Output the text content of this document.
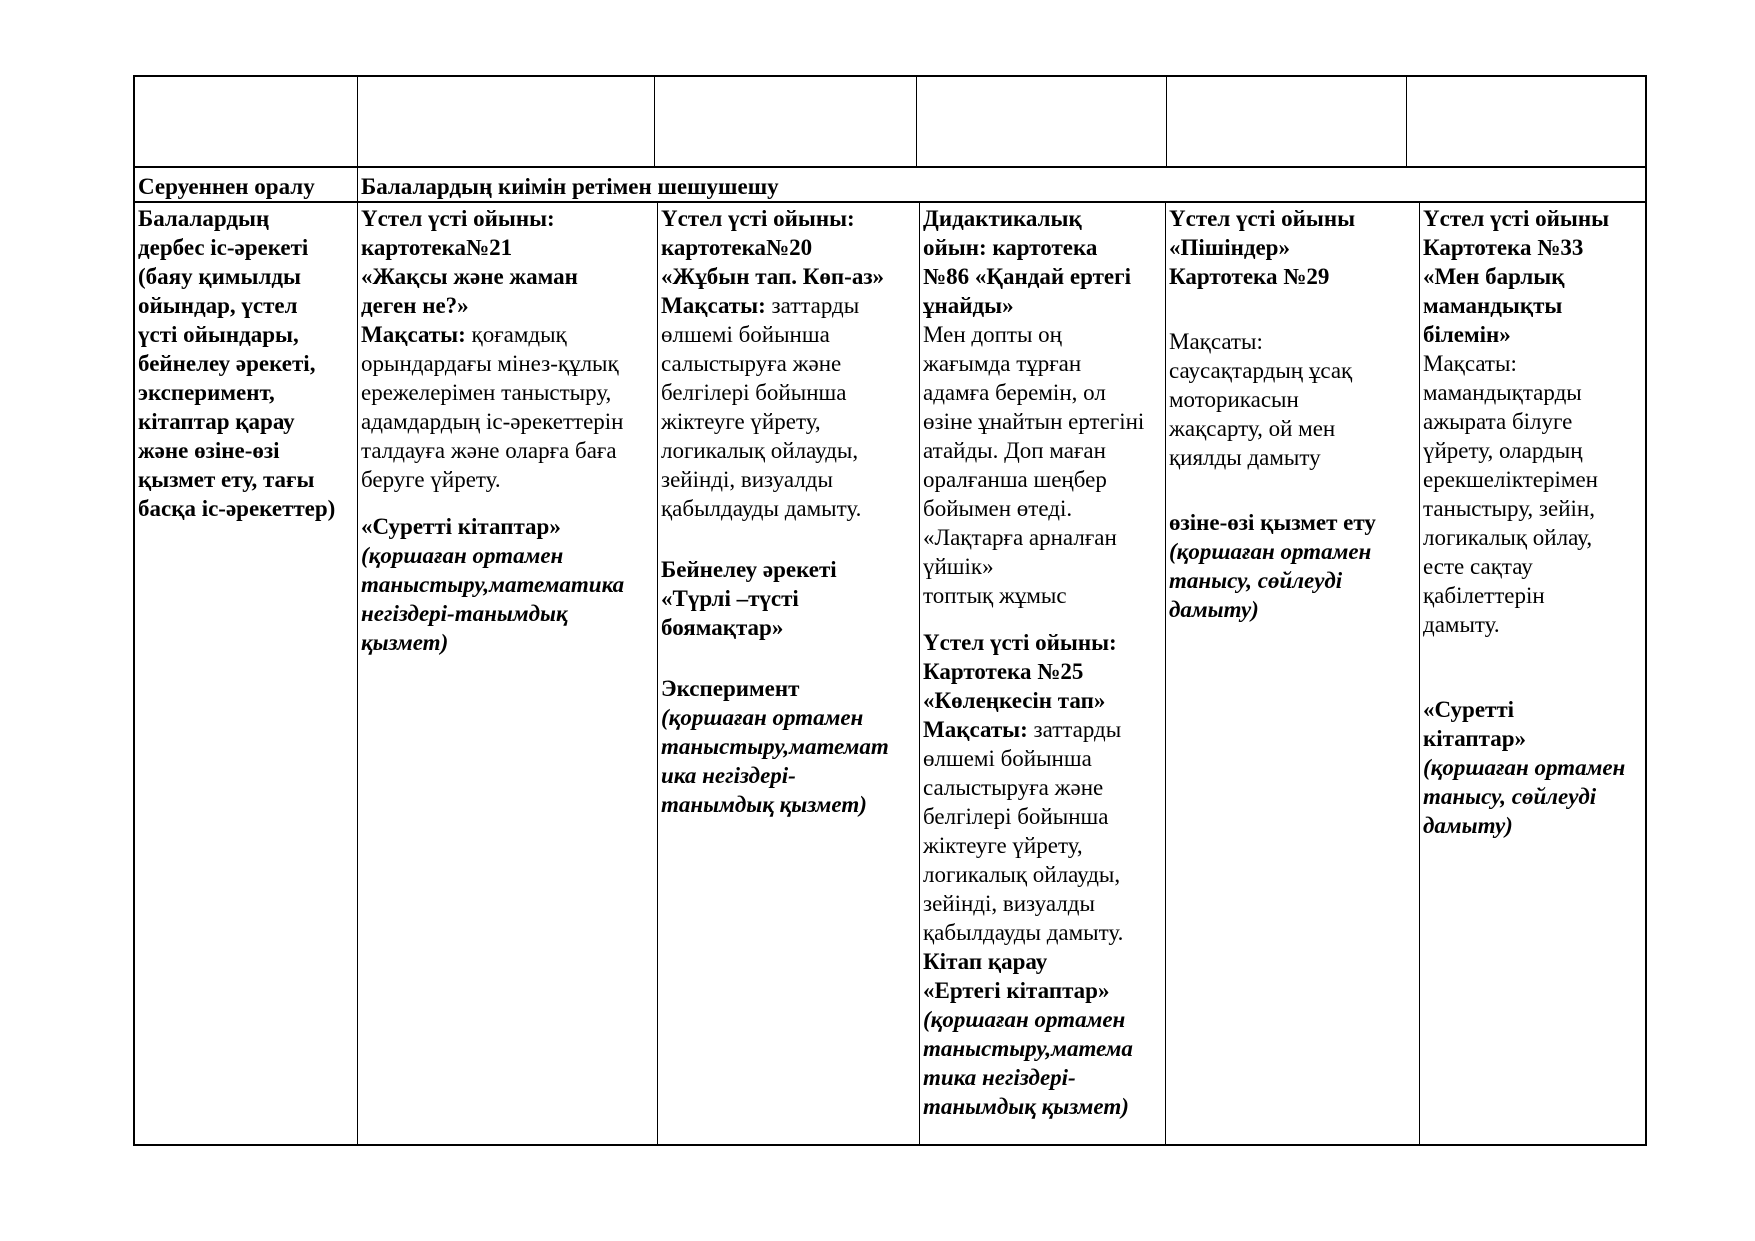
Серуеннен оралу Балалардың киімін ретімен шешушешу

Балалардың

дербес іс-әрекеті

(баяу қимылды

ойындар, үстел

үсті ойындары,

бейнелеу әрекеті,

эксперимент,

кітаптар қарау

және өзіне-өзі

қызмет ету, тағы

басқа іс-әрекеттер)

Үстел үсті ойыны:

картотека№21

«Жақсы және жаман

деген не?»

Мақсаты: қоғамдық

орындардағы мінез-құлық

ережелерімен таныстыру,

адамдардың іс-әрекеттерін

талдауға және оларға баға

беруге үйрету.

«Суретті кітаптар»

(қоршаған ортамен

таныстыру,математика

негіздері-танымдық

қызмет)

Үстел үсті ойыны:

картотека№20

«Жұбын тап. Көп-аз»

Мақсаты: заттарды

өлшемі бойынша

салыстыруға және

белгілері бойынша

жіктеуге үйрету,

логикалық ойлауды,

зейінді, визуалды

қабылдауды дамыту.

Бейнелеу әрекеті

«Түрлі –түсті

боямақтар»

Эксперимент

(қоршаған ортамен

таныстыру,математ

ика негіздері-

танымдық қызмет)

Дидактикалық

ойын: картотека

№86 «Қандай ертегі

ұнайды»

Мен допты оң

жағымда тұрған

адамға беремін, ол

өзіне ұнайтын ертегіні

атайды. Доп маған

оралғанша шеңбер

бойымен өтеді.

«Лақтарға арналған

үйшік»

топтық жұмыс

Үстел үсті ойыны:

Картотека №25

«Көлеңкесін тап»

Мақсаты: заттарды

өлшемі бойынша

салыстыруға және

белгілері бойынша

жіктеуге үйрету,

логикалық ойлауды,

зейінді, визуалды

қабылдауды дамыту.

Кітап қарау

«Ертегі кітаптар»

(қоршаған ортамен

таныстыру,матема

тика негіздері-

танымдық қызмет)

Үстел үсті ойыны

«Пішіндер»

Картотека №29

Мақсаты:

саусақтардың ұсақ

моторикасын

жақсарту, ой мен

қиялды дамыту

өзіне-өзі қызмет ету

(қоршаған ортамен

танысу, сөйлеуді

дамыту)

Үстел үсті ойыны

Картотека №33

«Мен барлық

мамандықты

білемін»

Мақсаты:

мамандықтарды

ажырата білуге

үйрету, олардың

ерекшеліктерімен

таныстыру, зейін,

логикалық ойлау,

есте сақтау

қабілеттерін

дамыту.

«Суретті

кітаптар»

(қоршаған ортамен

танысу, сөйлеуді

дамыту)
